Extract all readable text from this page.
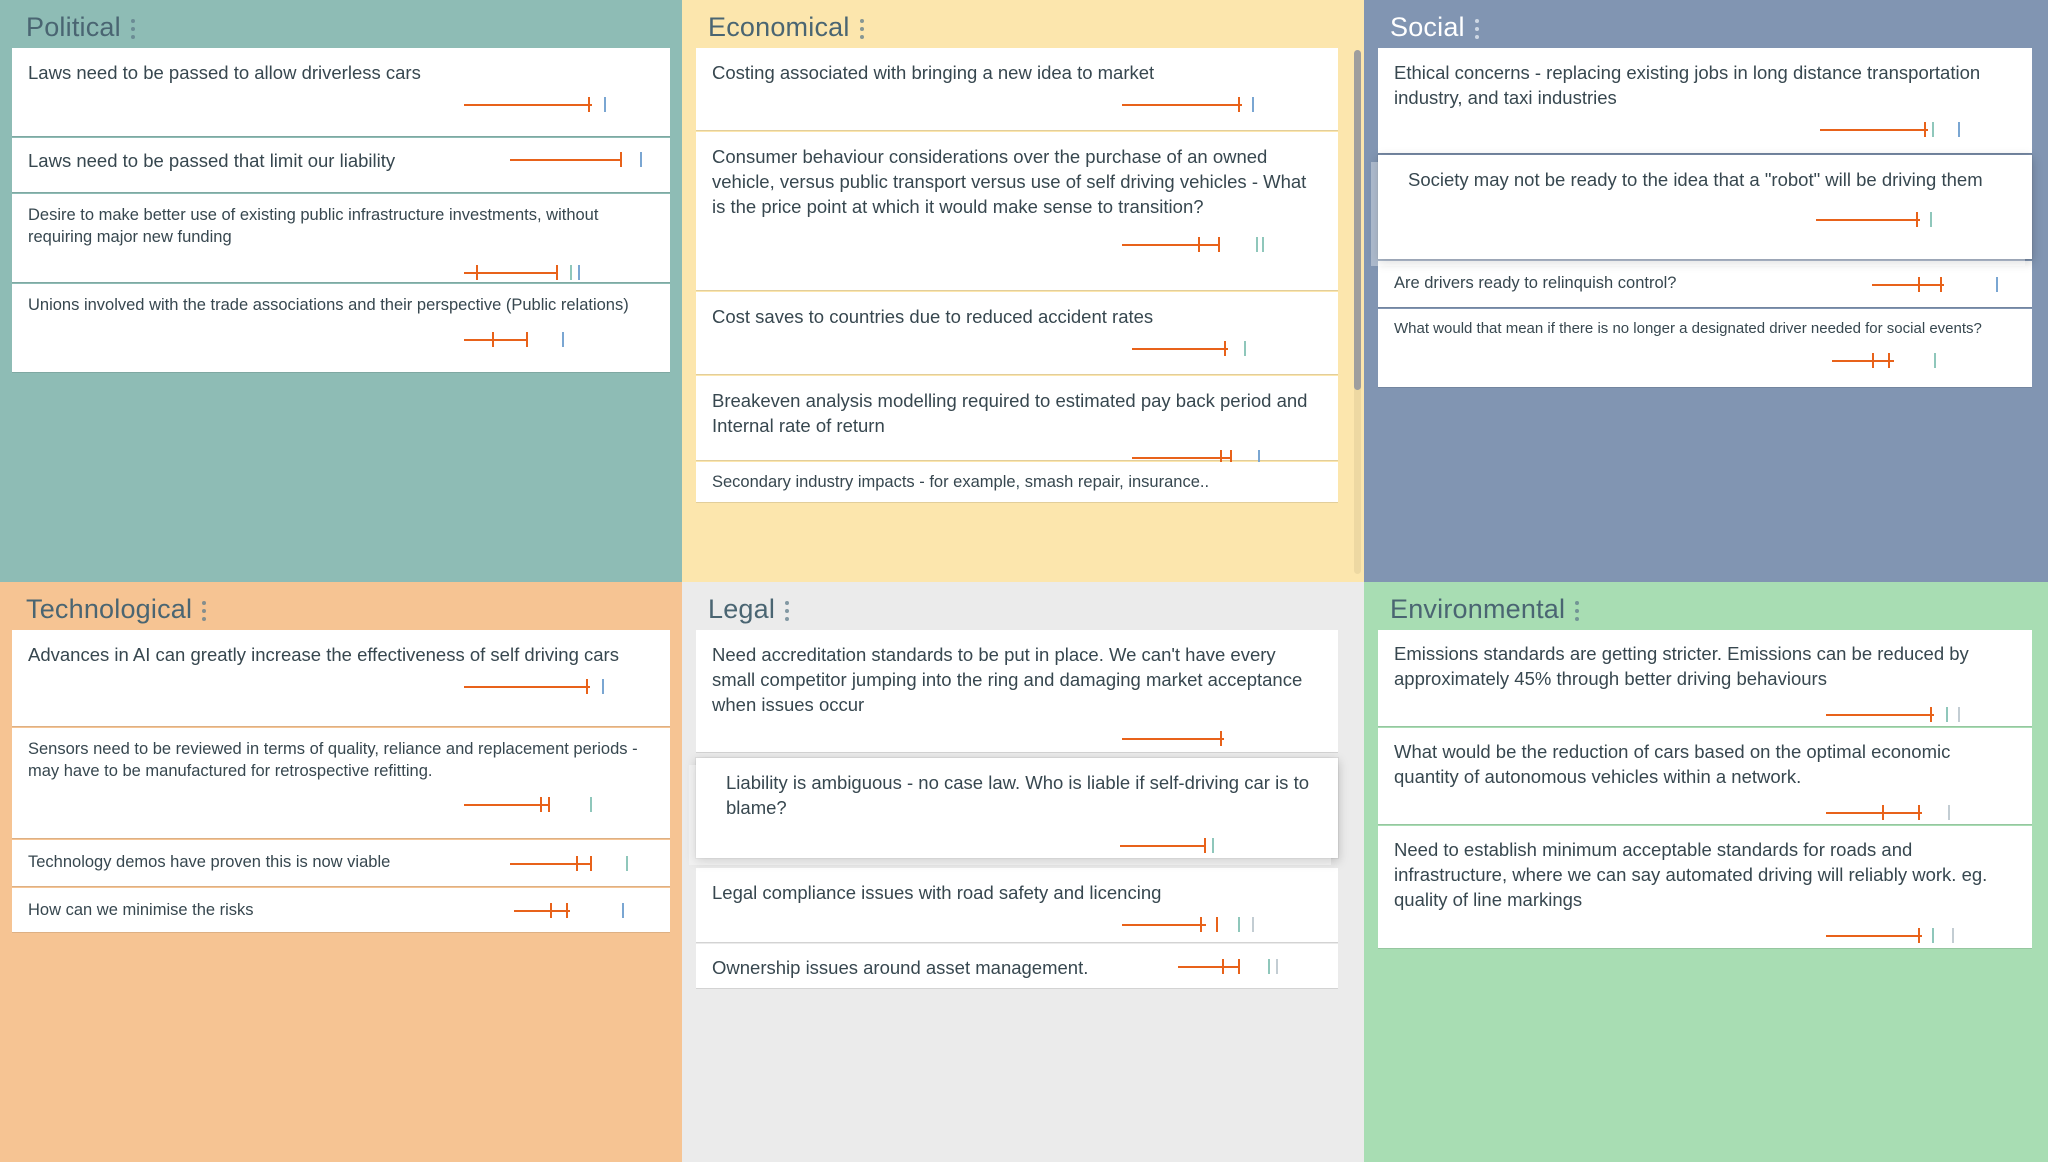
Political
Laws need to be passed to allow driverless cars
Laws need to be passed that limit our liability
Desire to make better use of existing public infrastructure investments, without requiring major new funding
Unions involved with the trade associations and their perspective (Public relations)
Economical
Costing associated with bringing a new idea to market
Consumer behaviour considerations over the purchase of an owned vehicle, versus public transport versus use of self driving vehicles - What is the price point at which it would make sense to transition?
Cost saves to countries due to reduced accident rates
Breakeven analysis modelling required to estimated pay back period and Internal rate of return
Secondary industry impacts - for example, smash repair, insurance..
Social
Ethical concerns - replacing existing jobs in long distance transportation industry, and taxi industries
Society may not be ready to the idea that a "robot" will be driving them
Are drivers ready to relinquish control?
What would that mean if there is no longer a designated driver needed for social events?
Technological
Advances in AI can greatly increase the effectiveness of self driving cars
Sensors need to be reviewed in terms of quality, reliance and replacement periods - may have to be manufactured for retrospective refitting.
Technology demos have proven this is now viable
How can we minimise the risks
Legal
Need accreditation standards to be put in place. We can't have every small competitor jumping into the ring and damaging market acceptance when issues occur
Liability is ambiguous - no case law. Who is liable if self-driving car is to blame?
Legal compliance issues with road safety and licencing
Ownership issues around asset management.
Environmental
Emissions standards are getting stricter. Emissions can be reduced by approximately 45% through better driving behaviours
What would be the reduction of cars based on the optimal economic quantity of autonomous vehicles within a network.
Need to establish minimum acceptable standards for roads and infrastructure, where we can say automated driving will reliably work. eg. quality of line markings
